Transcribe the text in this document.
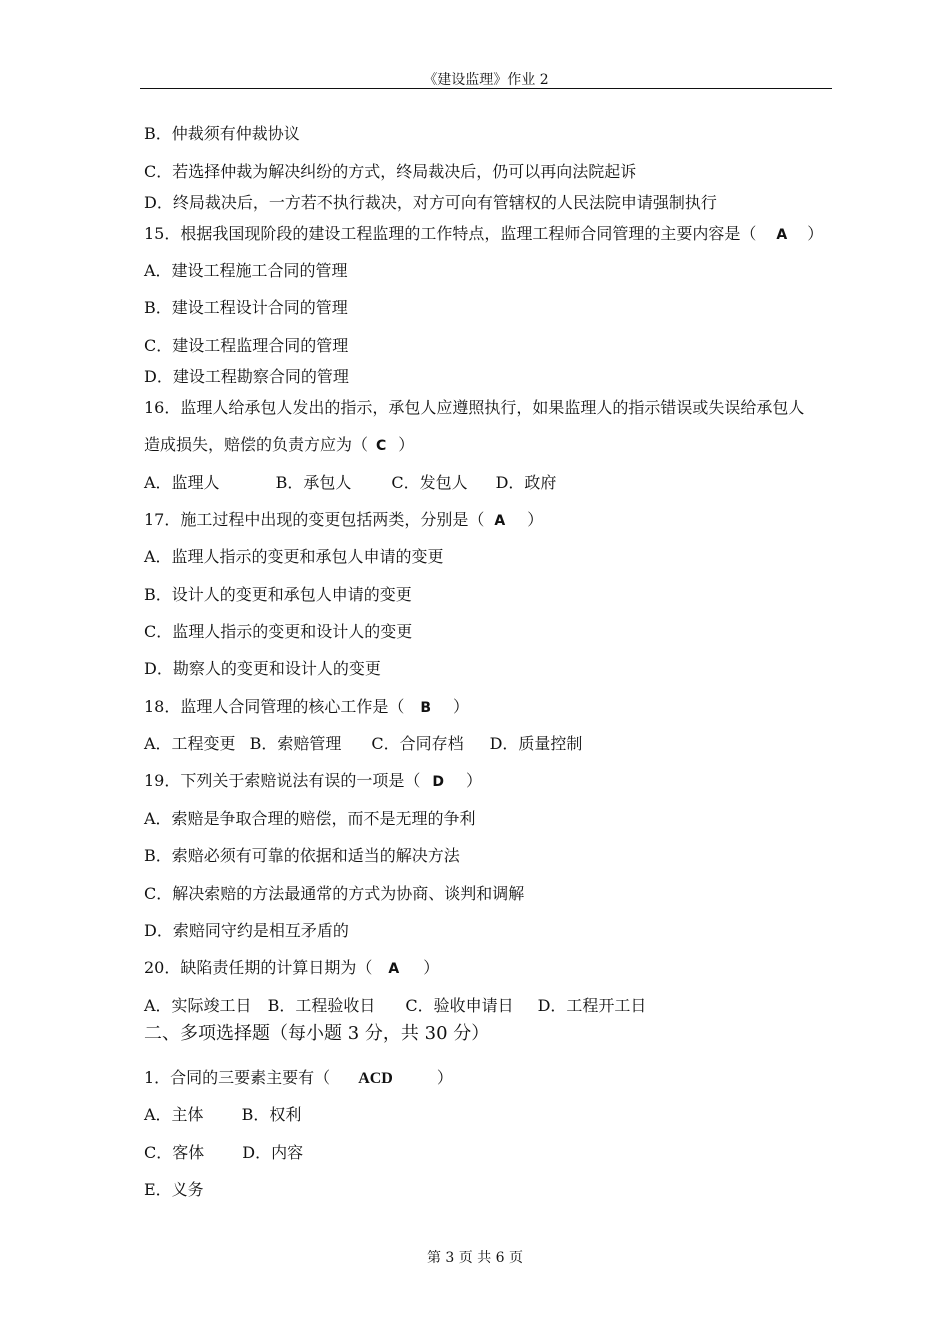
《建设监理》作业 2
B．仲裁须有仲裁协议
C．若选择仲裁为解决纠纷的方式，终局裁决后，仍可以再向法院起诉
D．终局裁决后，一方若不执行裁决，对方可向有管辖权的人民法院申请强制执行
15．根据我国现阶段的建设工程监理的工作特点，监理工程师合同管理的主要内容是（ A ）
A．建设工程施工合同的管理
B．建设工程设计合同的管理
C．建设工程监理合同的管理
D．建设工程勘察合同的管理
16．监理人给承包人发出的指示，承包人应遵照执行，如果监理人的指示错误或失误给承包人
造成损失，赔偿的负责方应为（ C ）
A．监理人	B．承包人	C．发包人 D．政府
17．施工过程中出现的变更包括两类，分别是（ A ）
A．监理人指示的变更和承包人申请的变更
B．设计人的变更和承包人申请的变更
C．监理人指示的变更和设计人的变更
D．勘察人的变更和设计人的变更
18．监理人合同管理的核心工作是（ B ）
A．工程变更 B．索赔管理 C．合同存档 D．质量控制
19．下列关于索赔说法有误的一项是（ D ）
A．索赔是争取合理的赔偿，而不是无理的争利
B．索赔必须有可靠的依据和适当的解决方法
C．解决索赔的方法最通常的方式为协商、谈判和调解
D．索赔同守约是相互矛盾的
20．缺陷责任期的计算日期为（ A ）
A．实际竣工日 B．工程验收日 C．验收申请日 D．工程开工日
二、多项选择题（每小题 3 分，共 30 分）
1．合同的三要素主要有（ ACD	）
A．主体 B．权利
C．客体 D．内容
E．义务
第 3 页 共 6 页
